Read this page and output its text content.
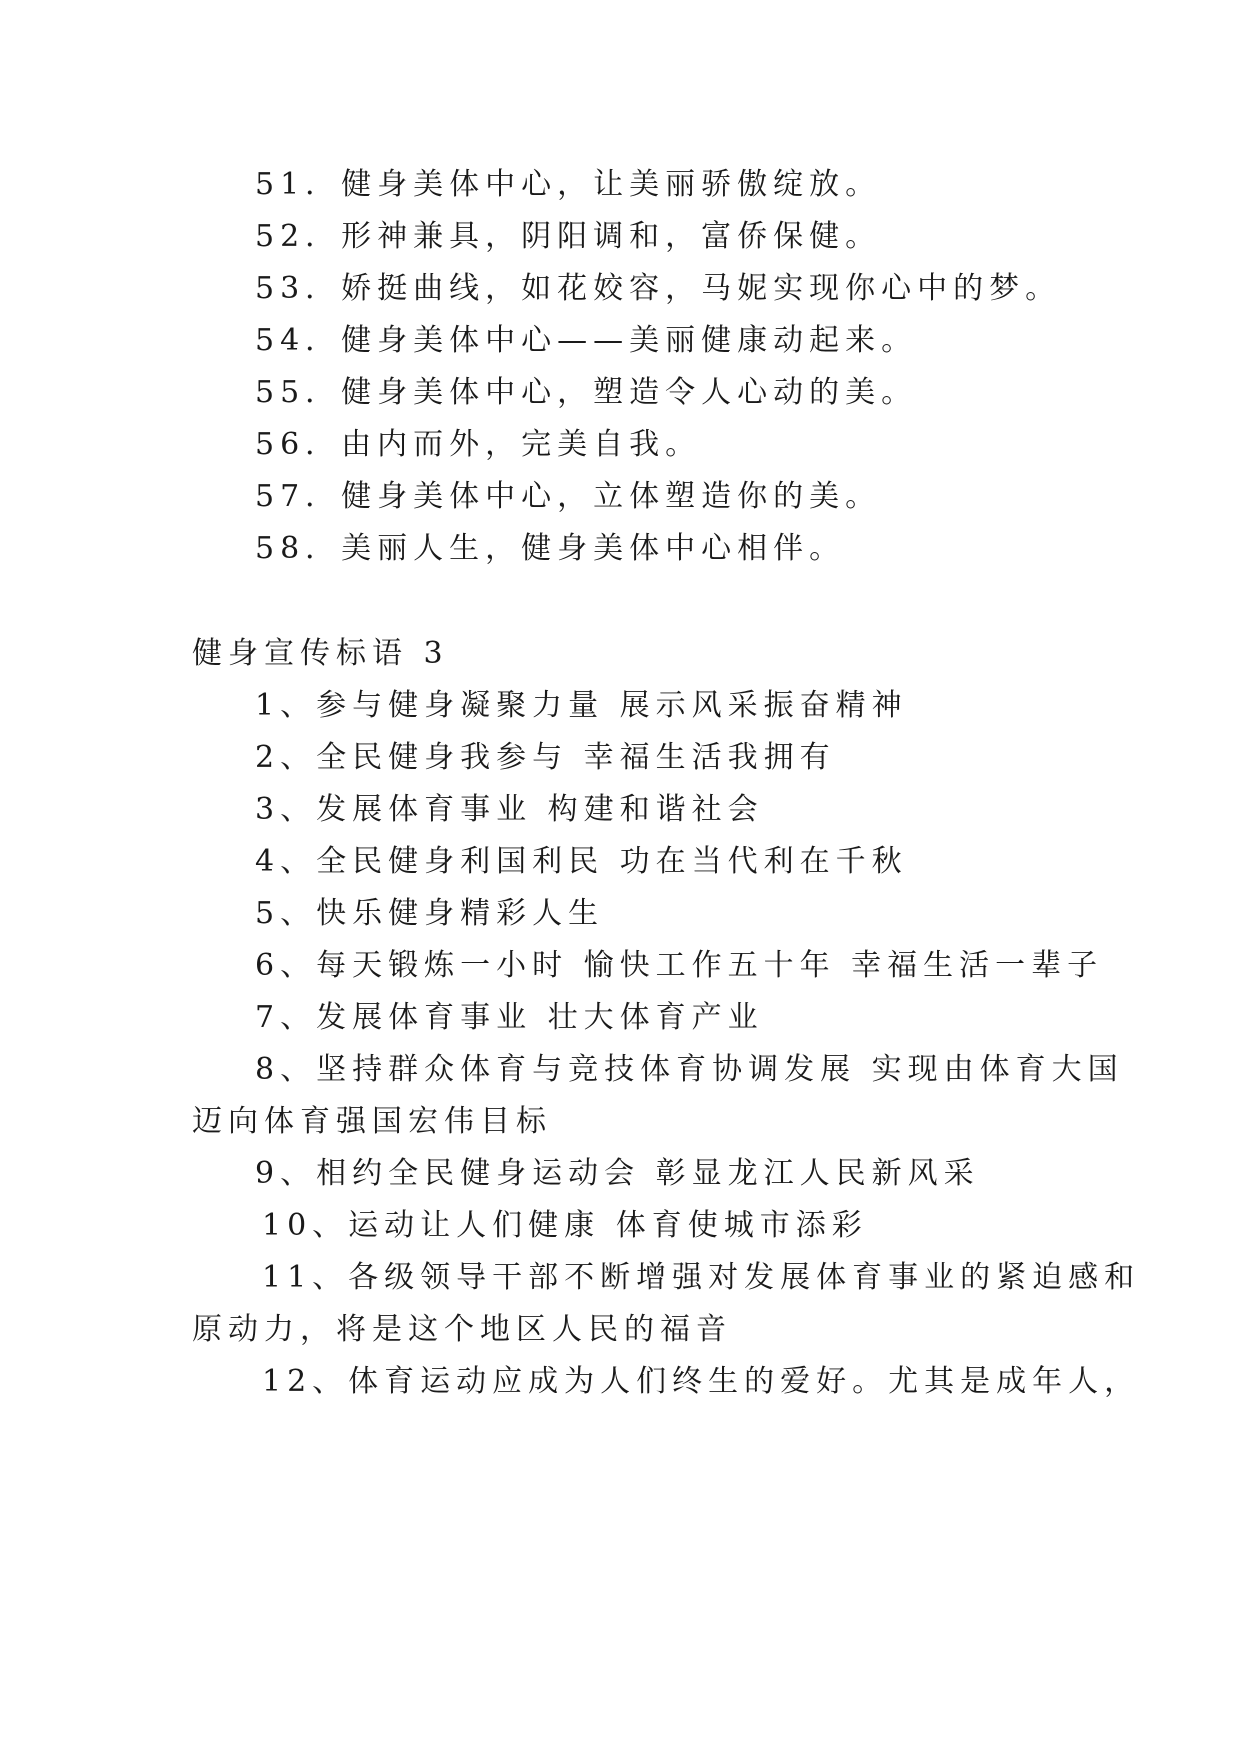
51．健身美体中心，让美丽骄傲绽放。

52．形神兼具，阴阳调和，富侨保健。

53．娇挺曲线，如花姣容，马妮实现你心中的梦。

54．健身美体中心——美丽健康动起来。

55．健身美体中心，塑造令人心动的美。

56．由内而外，完美自我。

57．健身美体中心，立体塑造你的美。

58．美丽人生，健身美体中心相伴。

健身宣传标语 3

1、参与健身凝聚力量 展示风采振奋精神

2、全民健身我参与 幸福生活我拥有

3、发展体育事业 构建和谐社会

4、全民健身利国利民 功在当代利在千秋

5、快乐健身精彩人生

6、每天锻炼一小时 愉快工作五十年 幸福生活一辈子

7、发展体育事业 壮大体育产业

8、坚持群众体育与竞技体育协调发展 实现由体育大国

迈向体育强国宏伟目标

9、相约全民健身运动会 彰显龙江人民新风采

10、运动让人们健康 体育使城市添彩

11、各级领导干部不断增强对发展体育事业的紧迫感和

原动力，将是这个地区人民的福音

12、体育运动应成为人们终生的爱好。尤其是成年人，
